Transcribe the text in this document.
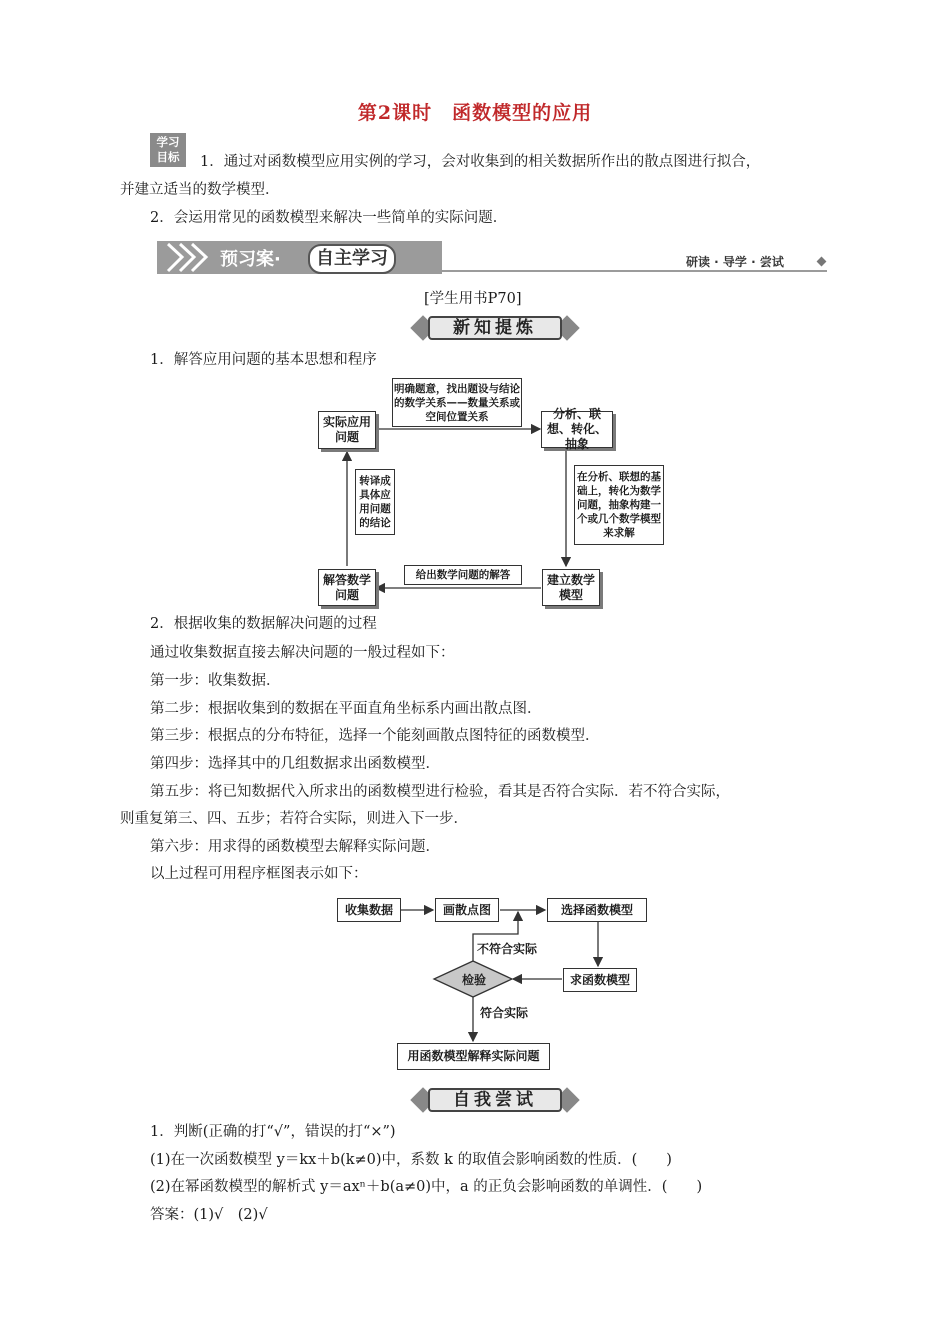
第2课时　函数模型的应用
学习
目标	1．通过对函数模型应用实例的学习，会对收集到的相关数据所作出的散点图进行拟合，
并建立适当的数学模型．
2．会运用常见的函数模型来解决一些简单的实际问题．
预习案·	自主学习	研读 · 导学 · 尝试
[学生用书P70]
新知提炼
1．解答应用问题的基本思想和程序
实际应用问题
分析、联想、转化、抽象
明确题意，找出题设与结论的数学关系——数量关系或空间位置关系
在分析、联想的基础上，转化为数学问题，抽象构建一个或几个数学模型来求解
建立数学模型
给出数学问题的解答
解答数学问题
转译成具体应用问题的结论
2．根据收集的数据解决问题的过程
通过收集数据直接去解决问题的一般过程如下：
第一步：收集数据．
第二步：根据收集到的数据在平面直角坐标系内画出散点图．
第三步：根据点的分布特征，选择一个能刻画散点图特征的函数模型．
第四步：选择其中的几组数据求出函数模型．
第五步：将已知数据代入所求出的函数模型进行检验，看其是否符合实际．若不符合实际，
则重复第三、四、五步；若符合实际，则进入下一步．
第六步：用求得的函数模型去解释实际问题．
以上过程可用程序框图表示如下：
收集数据	画散点图	选择函数模型
求函数模型
检验
不符合实际
符合实际
用函数模型解释实际问题
自我尝试
1．判断(正确的打“√”，错误的打“×”)
(1)在一次函数模型 y＝kx＋b(k≠0)中，系数 k 的取值会影响函数的性质．(　　)
(2)在幂函数模型的解析式 y＝axⁿ＋b(a≠0)中，a 的正负会影响函数的单调性．(　　)
答案：(1)√　(2)√
